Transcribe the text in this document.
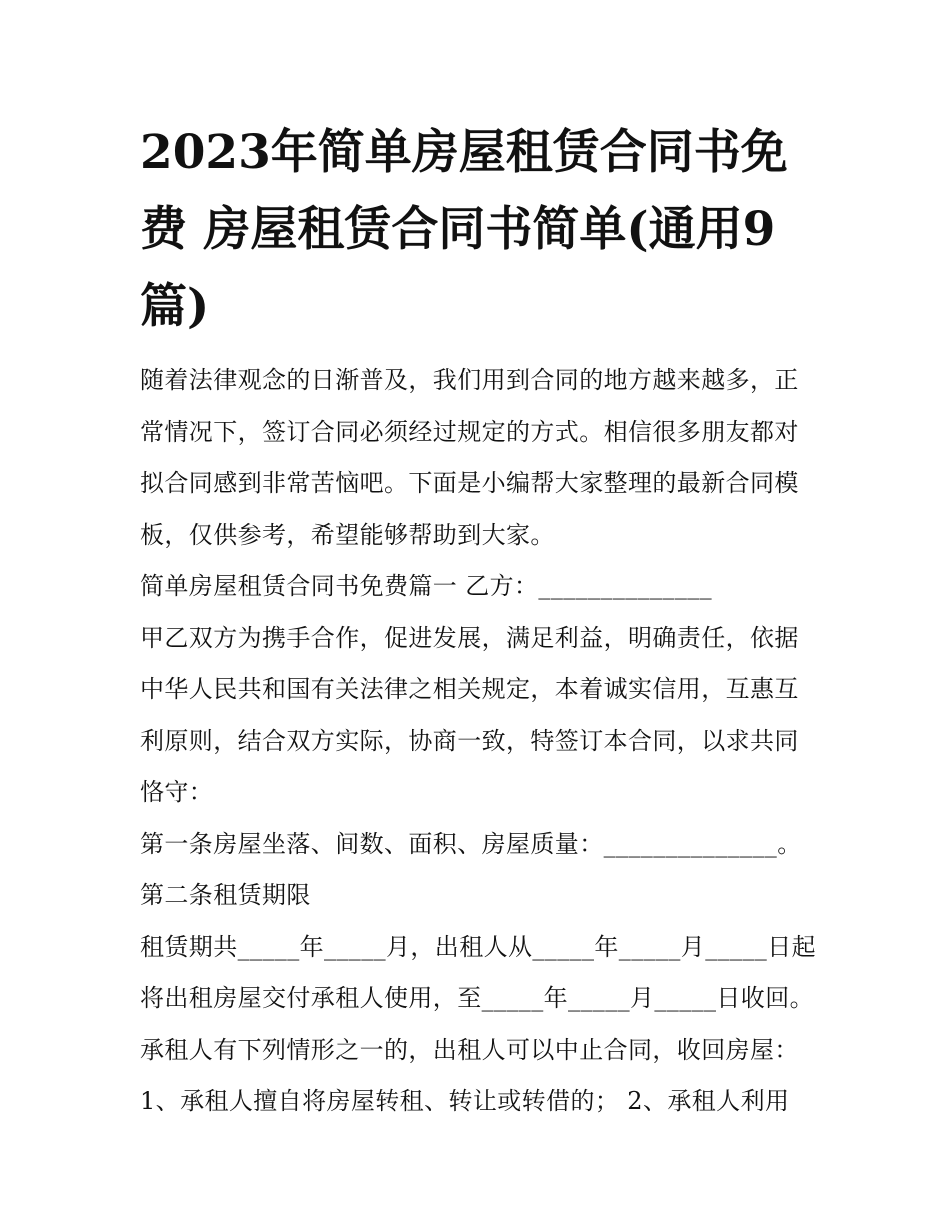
2023年简单房屋租赁合同书免
费 房屋租赁合同书简单(通用9
篇)
随着法律观念的日渐普及，我们用到合同的地方越来越多，正
常情况下，签订合同必须经过规定的方式。相信很多朋友都对
拟合同感到非常苦恼吧。下面是小编帮大家整理的最新合同模
板，仅供参考，希望能够帮助到大家。
简单房屋租赁合同书免费篇一 乙方：______________
甲乙双方为携手合作，促进发展，满足利益，明确责任，依据
中华人民共和国有关法律之相关规定，本着诚实信用，互惠互
利原则，结合双方实际，协商一致，特签订本合同，以求共同
恪守：
第一条房屋坐落、间数、面积、房屋质量：______________。
第二条租赁期限
租赁期共_____年_____月，出租人从_____年_____月_____日起
将出租房屋交付承租人使用，至_____年_____月_____日收回。
承租人有下列情形之一的，出租人可以中止合同，收回房屋：
1、承租人擅自将房屋转租、转让或转借的； 2、承租人利用
